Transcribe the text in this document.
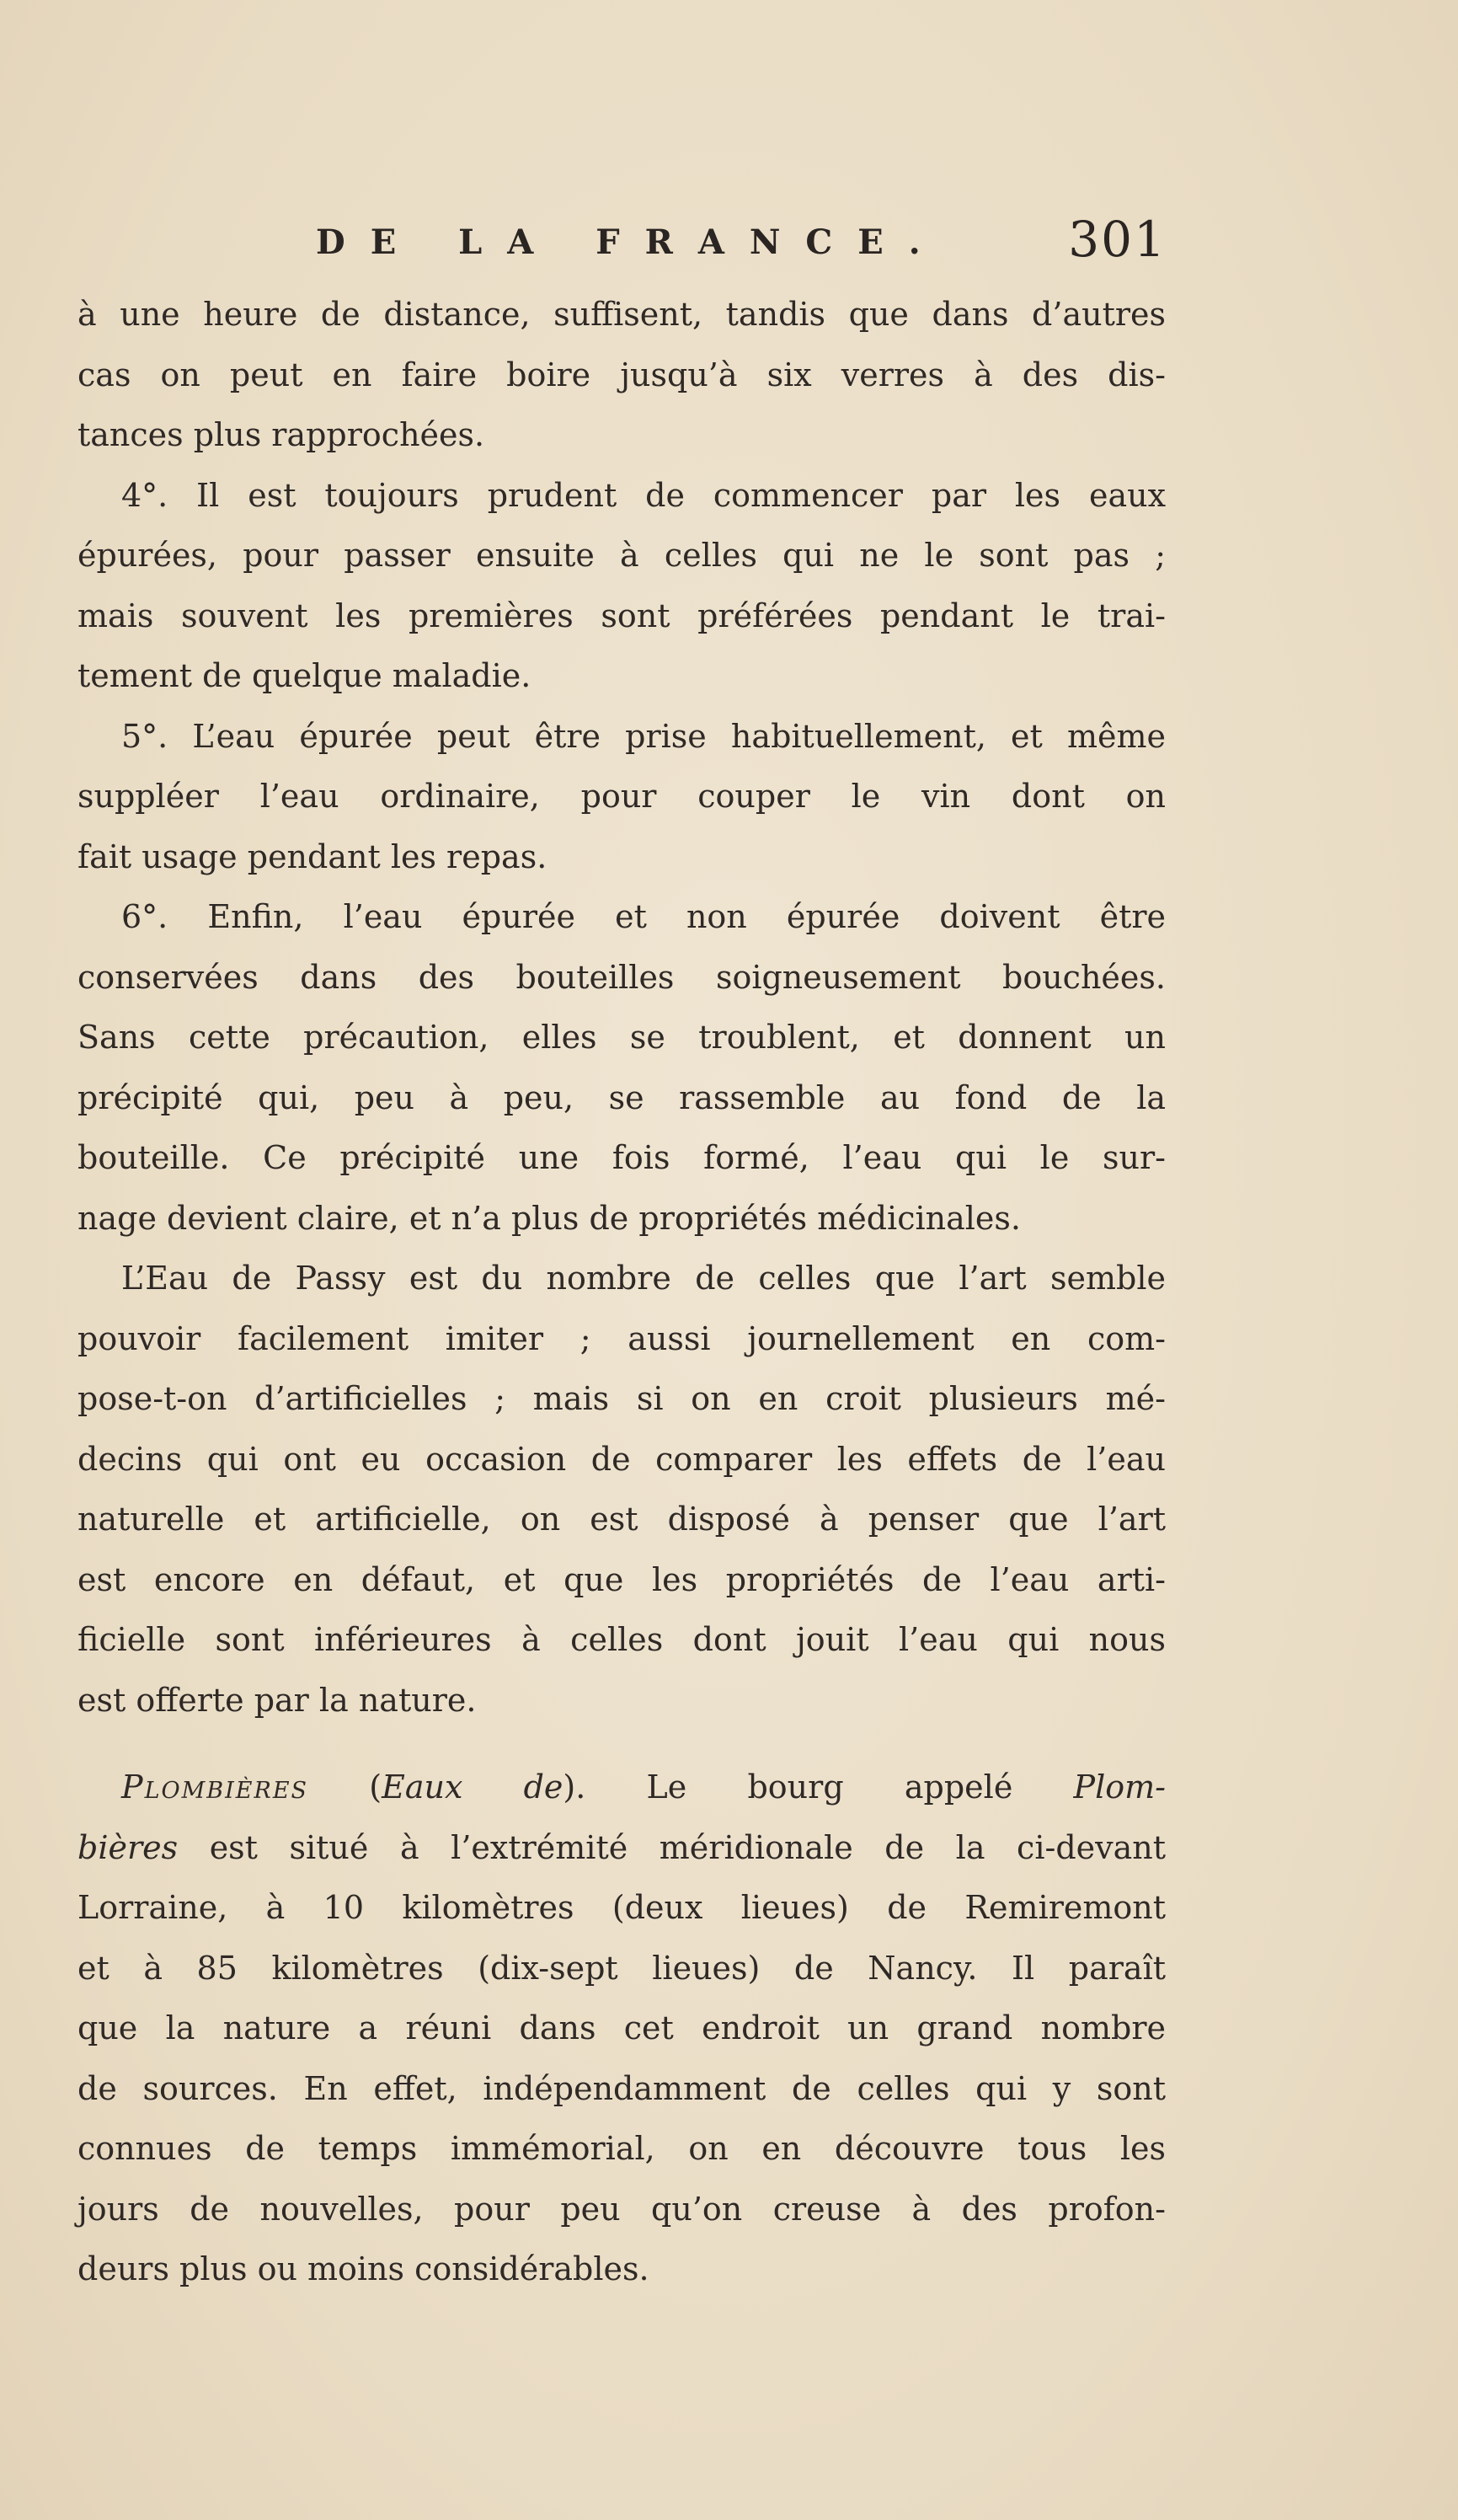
DE LA FRANCE.	301
à une heure de distance, suffisent, tandis que dans d’autres
cas on peut en faire boire jusqu’à six verres à des dis-
tances plus rapprochées.
4°. Il est toujours prudent de commencer par les eaux
épurées, pour passer ensuite à celles qui ne le sont pas ;
mais souvent les premières sont préférées pendant le trai-
tement de quelque maladie.
5°. L’eau épurée peut être prise habituellement, et même
suppléer l’eau ordinaire, pour couper le vin dont on
fait usage pendant les repas.
6°. Enfin, l’eau épurée et non épurée doivent être
conservées dans des bouteilles soigneusement bouchées.
Sans cette précaution, elles se troublent, et donnent un
précipité qui, peu à peu, se rassemble au fond de la
bouteille. Ce précipité une fois formé, l’eau qui le sur-
nage devient claire, et n’a plus de propriétés médicinales.
L’Eau de Passy est du nombre de celles que l’art semble
pouvoir facilement imiter ; aussi journellement en com-
pose-t-on d’artificielles ; mais si on en croit plusieurs mé-
decins qui ont eu occasion de comparer les effets de l’eau
naturelle et artificielle, on est disposé à penser que l’art
est encore en défaut, et que les propriétés de l’eau arti-
ficielle sont inférieures à celles dont jouit l’eau qui nous
est offerte par la nature.
Plombières (Eaux de). Le bourg appelé Plom-
bières est situé à l’extrémité méridionale de la ci-devant
Lorraine, à 10 kilomètres (deux lieues) de Remiremont
et à 85 kilomètres (dix-sept lieues) de Nancy. Il paraît
que la nature a réuni dans cet endroit un grand nombre
de sources. En effet, indépendamment de celles qui y sont
connues de temps immémorial, on en découvre tous les
jours de nouvelles, pour peu qu’on creuse à des profon-
deurs plus ou moins considérables.
